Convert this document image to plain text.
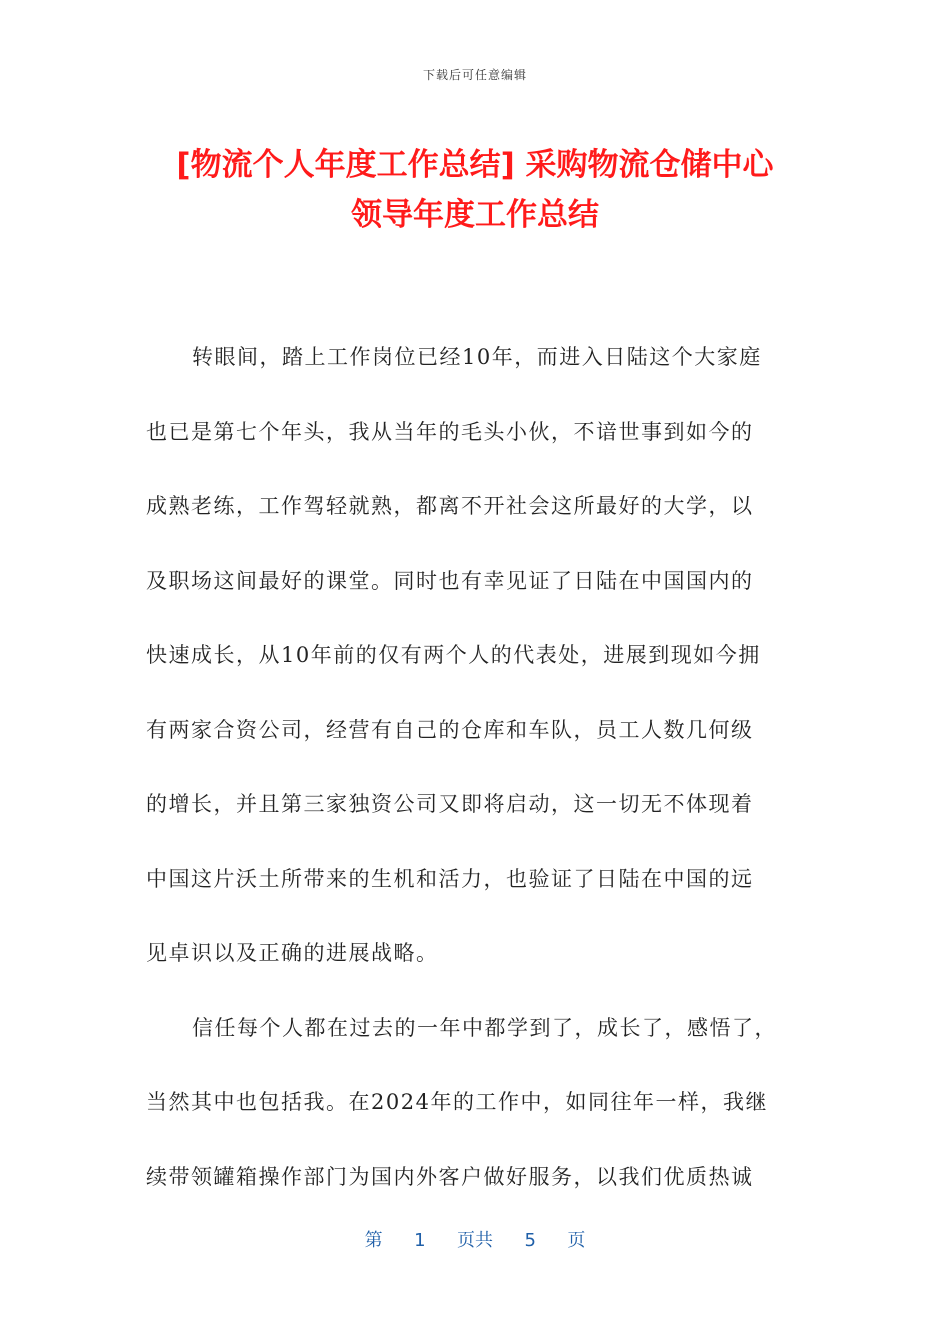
下载后可任意编辑
[物流个人年度工作总结] 采购物流仓储中心
领导年度工作总结
转眼间，踏上工作岗位已经10年，而进入日陆这个大家庭
也已是第七个年头，我从当年的毛头小伙，不谙世事到如今的
成熟老练，工作驾轻就熟，都离不开社会这所最好的大学，以
及职场这间最好的课堂。同时也有幸见证了日陆在中国国内的
快速成长，从10年前的仅有两个人的代表处，进展到现如今拥
有两家合资公司，经营有自己的仓库和车队，员工人数几何级
的增长，并且第三家独资公司又即将启动，这一切无不体现着
中国这片沃土所带来的生机和活力，也验证了日陆在中国的远
见卓识以及正确的进展战略。
信任每个人都在过去的一年中都学到了，成长了，感悟了，
当然其中也包括我。在2024年的工作中，如同往年一样，我继
续带领罐箱操作部门为国内外客户做好服务，以我们优质热诚
第 1 页共 5 页
